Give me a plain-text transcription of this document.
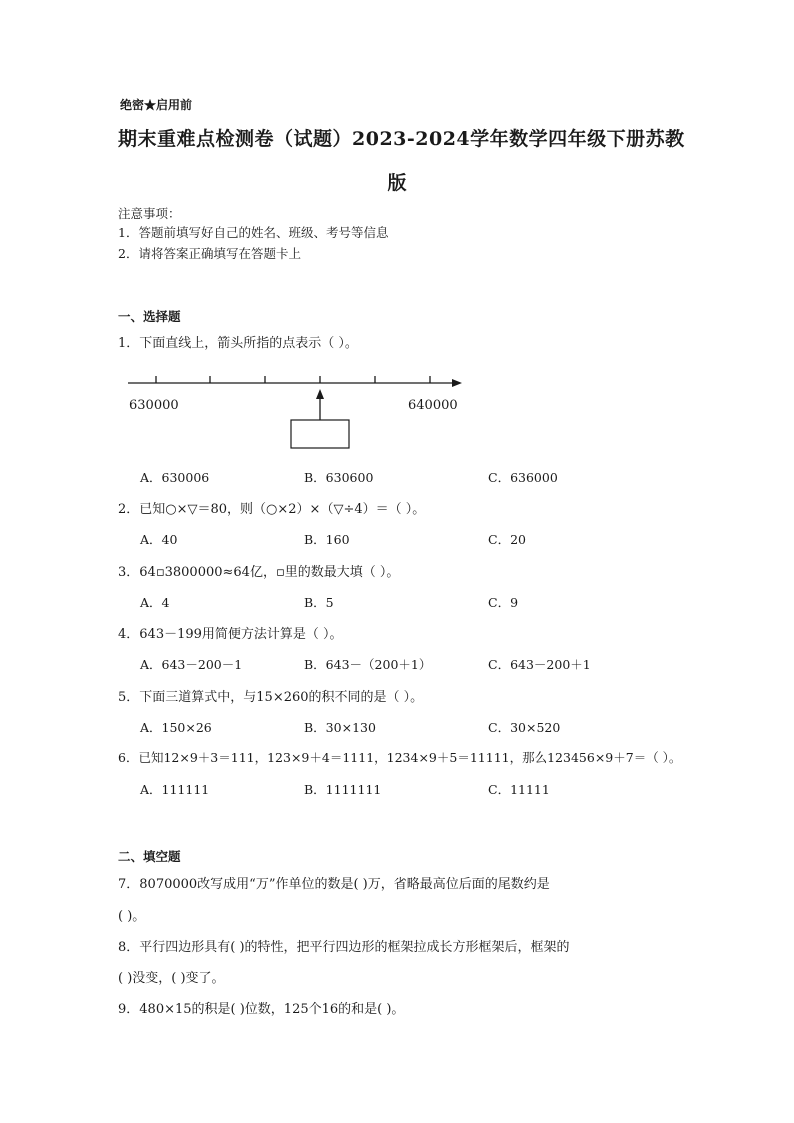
绝密★启用前
期末重难点检测卷（试题）2023-2024学年数学四年级下册苏教
版
注意事项：
1．答题前填写好自己的姓名、班级、考号等信息
2．请将答案正确填写在答题卡上
一、选择题
1．下面直线上，箭头所指的点表示（ ）。
630000	640000
A．630006	B．630600	C．636000
2．已知○×▽＝80，则（○×2）×（▽÷4）＝（ ）。
A．40	B．160	C．20
3．64▫3800000≈64亿，▫里的数最大填（ ）。
A．4	B．5	C．9
4．643－199用简便方法计算是（ ）。
A．643－200－1	B．643－（200＋1）	C．643－200＋1
5．下面三道算式中，与15×260的积不同的是（ ）。
A．150×26	B．30×130	C．30×520
6．已知12×9＋3＝111，123×9＋4＝1111，1234×9＋5＝11111，那么123456×9＋7＝（ ）。
A．111111	B．1111111	C．11111
二、填空题
7．8070000改写成用“万”作单位的数是( )万，省略最高位后面的尾数约是
( )。
8．平行四边形具有( )的特性，把平行四边形的框架拉成长方形框架后，框架的
( )没变，( )变了。
9．480×15的积是( )位数，125个16的和是( )。
